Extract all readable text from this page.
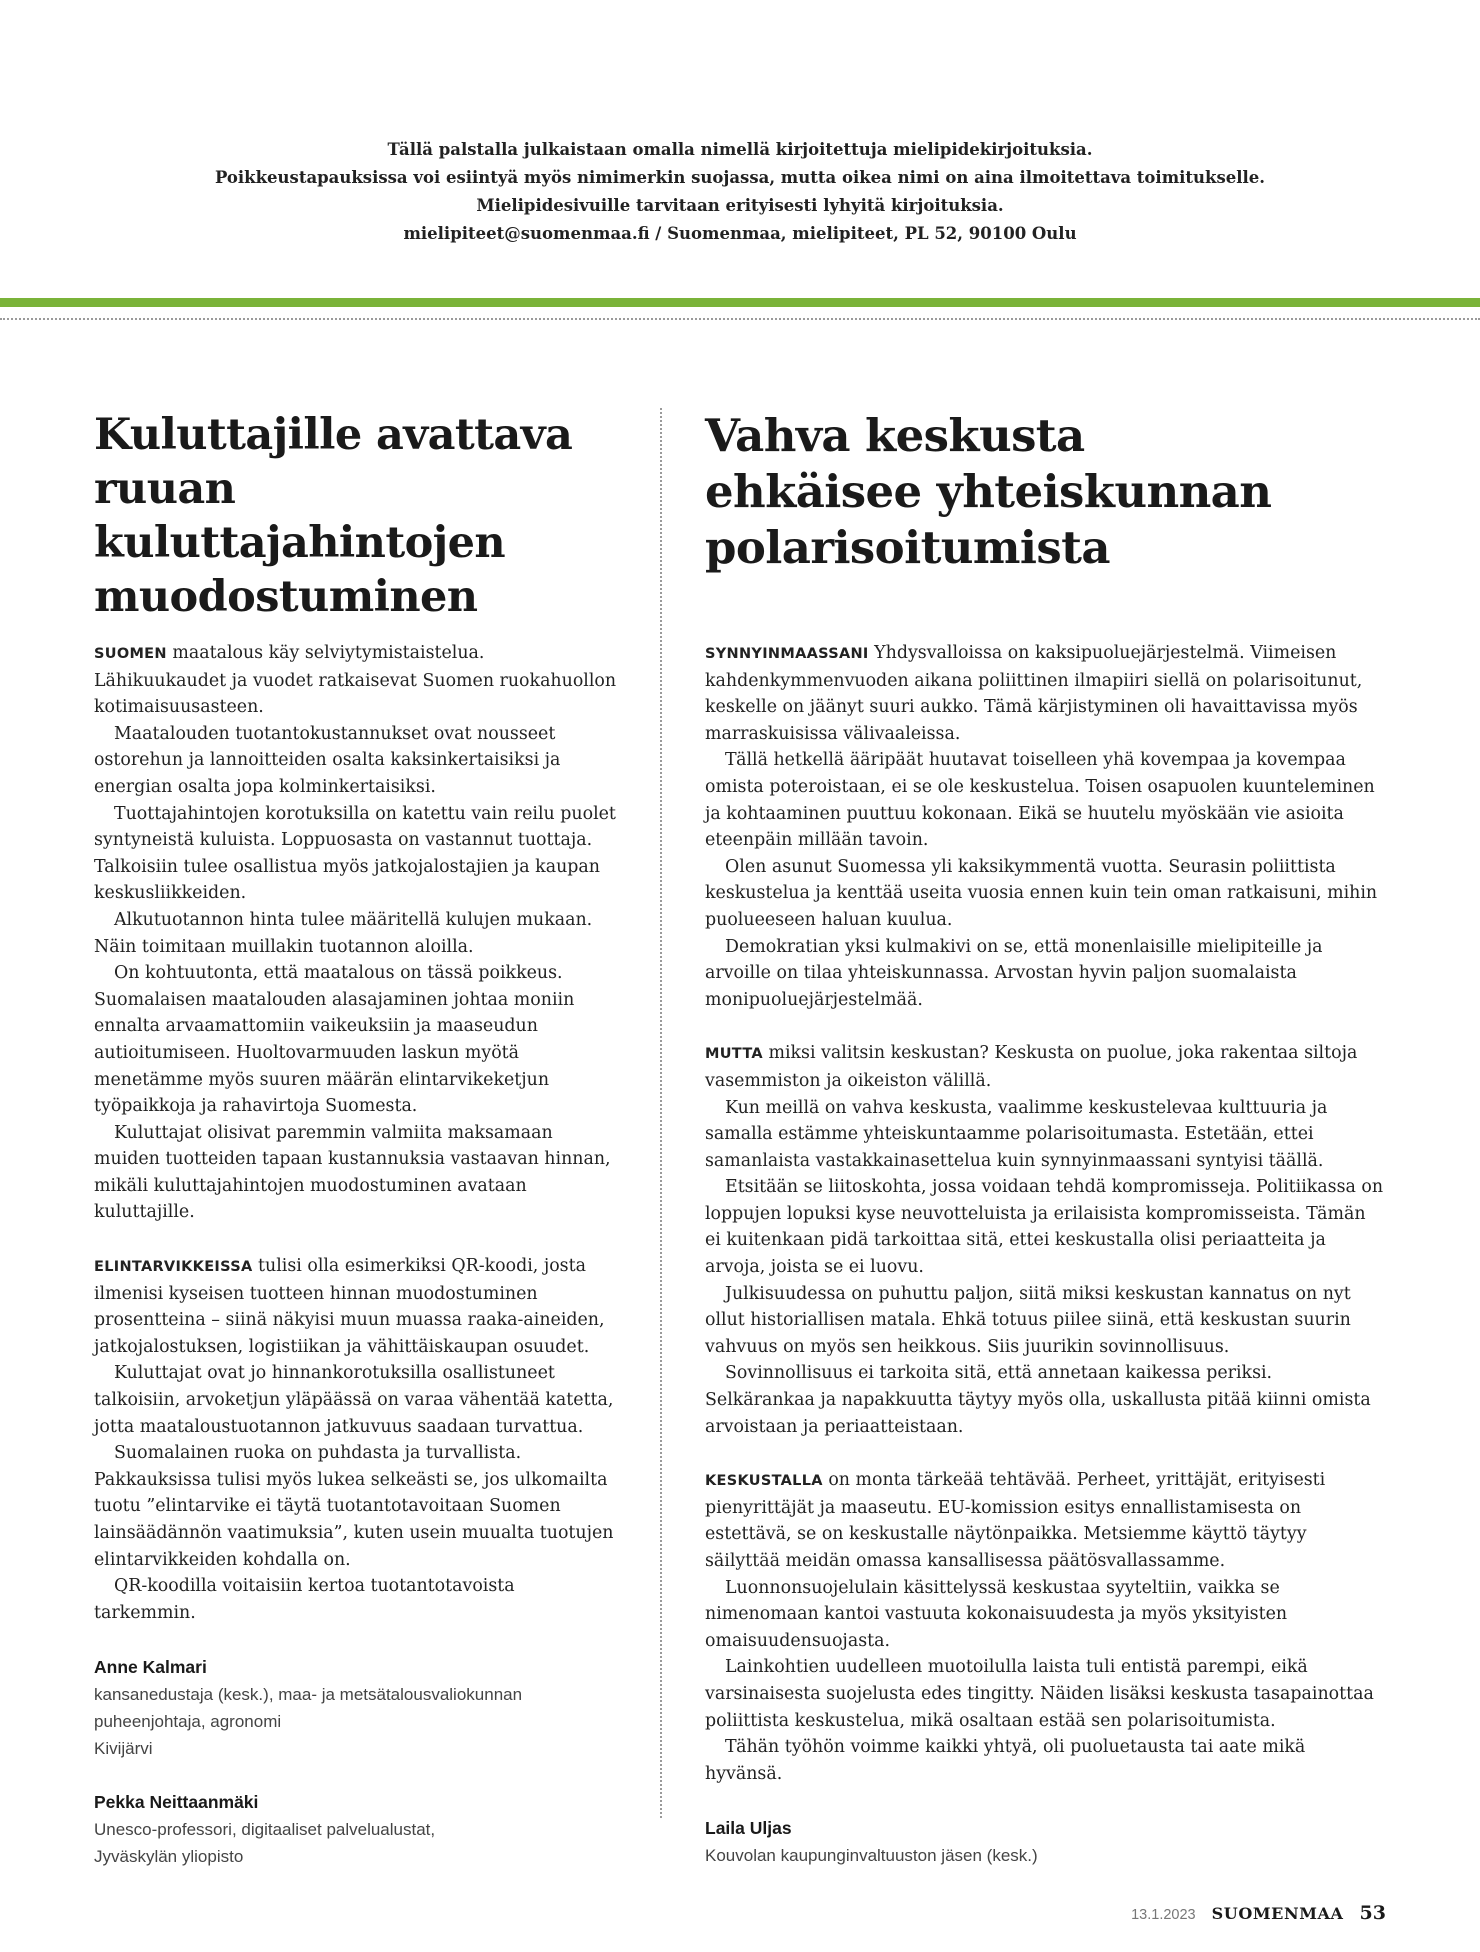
Tällä palstalla julkaistaan omalla nimellä kirjoitettuja mielipidekirjoituksia.
Poikkeustapauksissa voi esiintyä myös nimimerkin suojassa, mutta oikea nimi on aina ilmoitettava toimitukselle.
Mielipidesivuille tarvitaan erityisesti lyhyitä kirjoituksia.
mielipiteet@suomenmaa.fi / Suomenmaa, mielipiteet, PL 52, 90100 Oulu
Kuluttajille avattava
ruuan kuluttajahintojen
muodostuminen
SUOMEN maatalous käy selviytymistaistelua. Lähikuukaudet ja vuodet ratkaisevat Suomen ruokahuollon kotimaisuusasteen.
Maatalouden tuotantokustannukset ovat nousseet ostorehun ja lannoitteiden osalta kaksinkertaisiksi ja energian osalta jopa kolminkertaisiksi.
Tuottajahintojen korotuksilla on katettu vain reilu puolet syntyneistä kuluista. Loppuosasta on vastannut tuottaja. Talkoisiin tulee osallistua myös jatkojalostajien ja kaupan keskusliikkeiden.
Alkutuotannon hinta tulee määritellä kulujen mukaan. Näin toimitaan muillakin tuotannon aloilla.
On kohtuutonta, että maatalous on tässä poikkeus. Suomalaisen maatalouden alasajaminen johtaa moniin ennalta arvaamattomiin vaikeuksiin ja maaseudun autioitumiseen. Huoltovarmuuden laskun myötä menetämme myös suuren määrän elintarvikeketjun työpaikkoja ja rahavirtoja Suomesta.
Kuluttajat olisivat paremmin valmiita maksamaan muiden tuotteiden tapaan kustannuksia vastaavan hinnan, mikäli kuluttajahintojen muodostuminen avataan kuluttajille.
ELINTARVIKKEISSA tulisi olla esimerkiksi QR-koodi, josta ilmenisi kyseisen tuotteen hinnan muodostuminen prosentteina – siinä näkyisi muun muassa raaka-aineiden, jatkojalostuksen, logistiikan ja vähittäiskaupan osuudet.
Kuluttajat ovat jo hinnankorotuksilla osallistuneet talkoisiin, arvoketjun yläpäässä on varaa vähentää katetta, jotta maataloustuotannon jatkuvuus saadaan turvattua.
Suomalainen ruoka on puhdasta ja turvallista. Pakkauksissa tulisi myös lukea selkeästi se, jos ulkomailta tuotu ”elintarvike ei täytä tuotantotavoitaan Suomen lainsäädännön vaatimuksia”, kuten usein muualta tuotujen elintarvikkeiden kohdalla on.
QR-koodilla voitaisiin kertoa tuotantotavoista tarkemmin.
Anne Kalmari
kansanedustaja (kesk.), maa- ja metsätalousvaliokunnan
puheenjohtaja, agronomi
Kivijärvi
Pekka Neittaanmäki
Unesco-professori, digitaaliset palvelualustat,
Jyväskylän yliopisto
Vahva keskusta
ehkäisee yhteiskunnan
polarisoitumista
SYNNYINMAASSANI Yhdysvalloissa on kaksipuoluejärjestelmä. Viimeisen kahdenkymmenvuoden aikana poliittinen ilmapiiri siellä on polarisoitunut, keskelle on jäänyt suuri aukko. Tämä kärjistyminen oli havaittavissa myös marraskuisissa välivaaleissa.
Tällä hetkellä ääripäät huutavat toiselleen yhä kovempaa ja kovempaa omista poteroistaan, ei se ole keskustelua. Toisen osapuolen kuunteleminen ja kohtaaminen puuttuu kokonaan. Eikä se huutelu myöskään vie asioita eteenpäin millään tavoin.
Olen asunut Suomessa yli kaksikymmentä vuotta. Seurasin poliittista keskustelua ja kenttää useita vuosia ennen kuin tein oman ratkaisuni, mihin puolueeseen haluan kuulua.
Demokratian yksi kulmakivi on se, että monenlaisille mielipiteille ja arvoille on tilaa yhteiskunnassa. Arvostan hyvin paljon suomalaista monipuoluejärjestelmää.
MUTTA miksi valitsin keskustan? Keskusta on puolue, joka rakentaa siltoja vasemmiston ja oikeiston välillä.
Kun meillä on vahva keskusta, vaalimme keskustelevaa kulttuuria ja samalla estämme yhteiskuntaamme polarisoitumasta. Estetään, ettei samanlaista vastakkainasettelua kuin synnyinmaassani syntyisi täällä.
Etsitään se liitoskohta, jossa voidaan tehdä kompromisseja. Politiikassa on loppujen lopuksi kyse neuvotteluista ja erilaisista kompromisseista. Tämän ei kuitenkaan pidä tarkoittaa sitä, ettei keskustalla olisi periaatteita ja arvoja, joista se ei luovu.
Julkisuudessa on puhuttu paljon, siitä miksi keskustan kannatus on nyt ollut historiallisen matala. Ehkä totuus piilee siinä, että keskustan suurin vahvuus on myös sen heikkous. Siis juurikin sovinnollisuus.
Sovinnollisuus ei tarkoita sitä, että annetaan kaikessa periksi. Selkärankaa ja napakkuutta täytyy myös olla, uskallusta pitää kiinni omista arvoistaan ja periaatteistaan.
KESKUSTALLA on monta tärkeää tehtävää. Perheet, yrittäjät, erityisesti pienyrittäjät ja maaseutu. EU-komission esitys ennallistamisesta on estettävä, se on keskustalle näytönpaikka. Metsiemme käyttö täytyy säilyttää meidän omassa kansallisessa päätösvallassamme.
Luonnonsuojelulain käsittelyssä keskustaa syyteltiin, vaikka se nimenomaan kantoi vastuuta kokonaisuudesta ja myös yksityisten omaisuudensuojasta.
Lainkohtien uudelleen muotoilulla laista tuli entistä parempi, eikä varsinaisesta suojelusta edes tingitty. Näiden lisäksi keskusta tasapainottaa poliittista keskustelua, mikä osaltaan estää sen polarisoitumista.
Tähän työhön voimme kaikki yhtyä, oli puoluetausta tai aate mikä hyvänsä.
Laila Uljas
Kouvolan kaupunginvaltuuston jäsen (kesk.)
13.1.2023 SUOMENMAA 53
